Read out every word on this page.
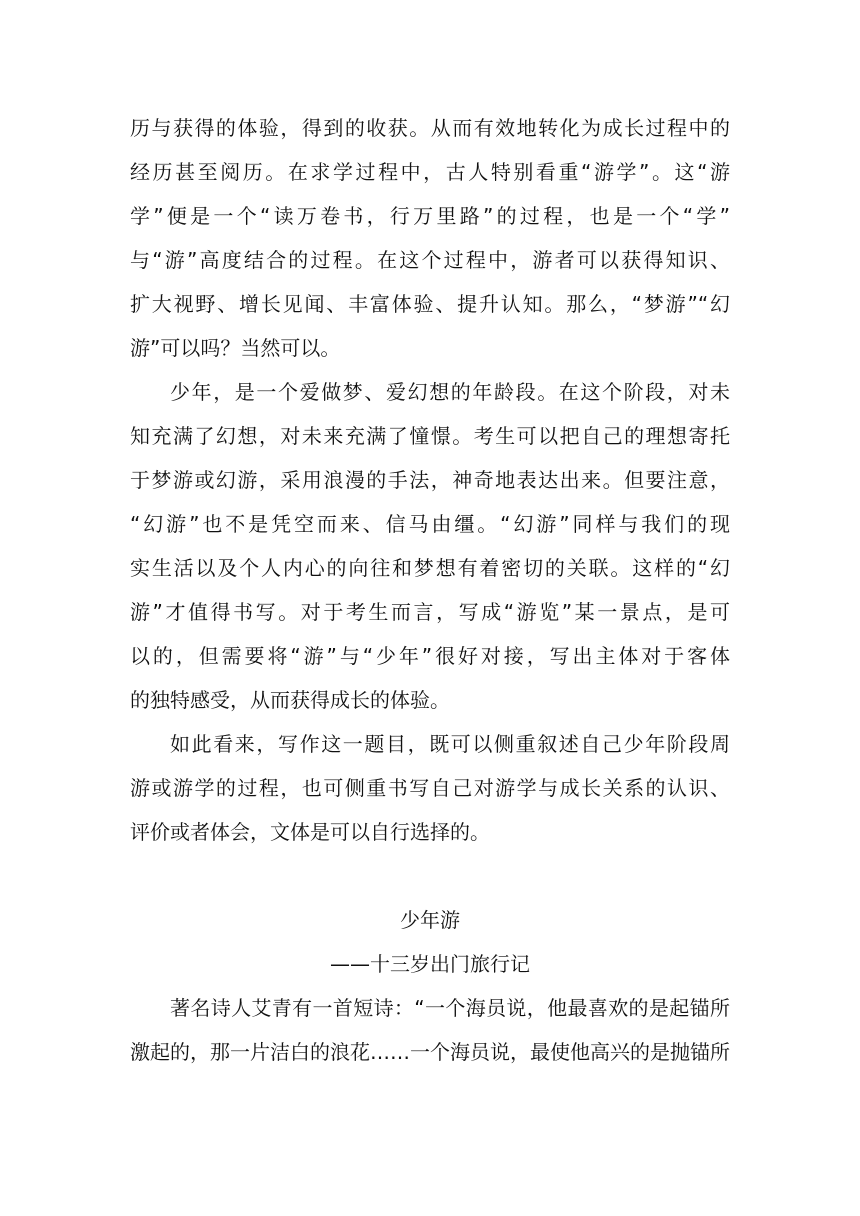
历与获得的体验，得到的收获。从而有效地转化为成长过程中的
经历甚至阅历。在求学过程中，古人特别看重“游学”。这“游
学”便是一个“读万卷书，行万里路”的过程，也是一个“学”
与“游”高度结合的过程。在这个过程中，游者可以获得知识、
扩大视野、增长见闻、丰富体验、提升认知。那么，“梦游”“幻
游”可以吗？当然可以。
少年，是一个爱做梦、爱幻想的年龄段。在这个阶段，对未
知充满了幻想，对未来充满了憧憬。考生可以把自己的理想寄托
于梦游或幻游，采用浪漫的手法，神奇地表达出来。但要注意，
“幻游”也不是凭空而来、信马由缰。“幻游”同样与我们的现
实生活以及个人内心的向往和梦想有着密切的关联。这样的“幻
游”才值得书写。对于考生而言，写成“游览”某一景点，是可
以的，但需要将“游”与“少年”很好对接，写出主体对于客体
的独特感受，从而获得成长的体验。
如此看来，写作这一题目，既可以侧重叙述自己少年阶段周
游或游学的过程，也可侧重书写自己对游学与成长关系的认识、
评价或者体会，文体是可以自行选择的。
少年游
——十三岁出门旅行记
著名诗人艾青有一首短诗：“一个海员说，他最喜欢的是起锚所
激起的，那一片洁白的浪花……一个海员说，最使他高兴的是抛锚所
